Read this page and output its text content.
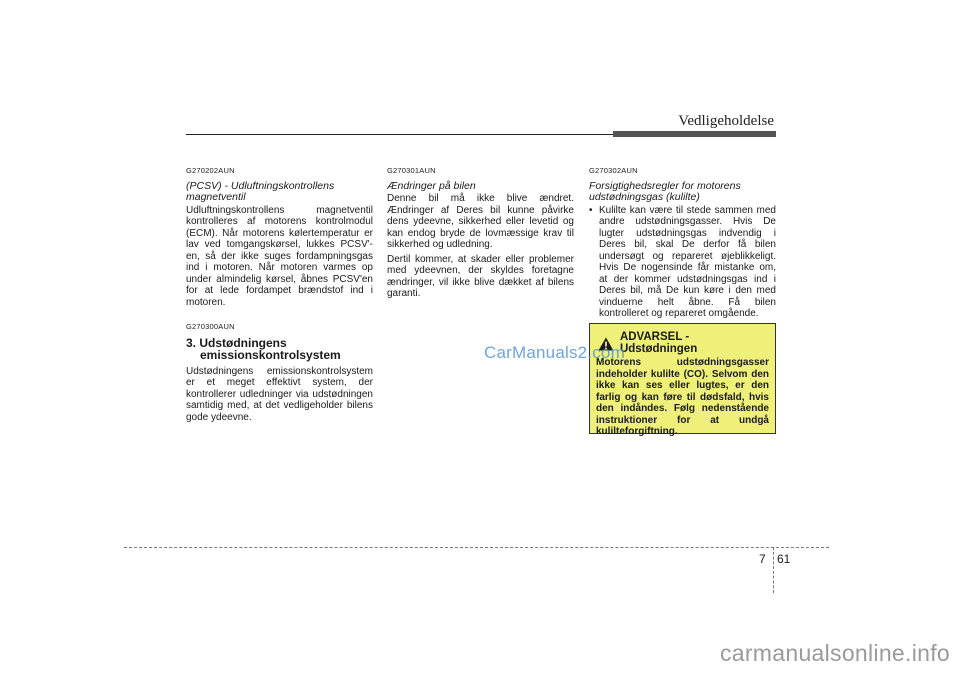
Vedligeholdelse
G270202AUN
(PCSV) - Udluftningskontrollens magnetventil
Udluftningskontrollens magnetventil kontrolleres af motorens kontrolmodul (ECM). Når motorens kølertemperatur er lav ved tomgangskørsel, lukkes PCSV'-en, så der ikke suges fordampningsgas ind i motoren. Når motoren varmes op under almindelig kørsel, åbnes PCSV'en for at lede fordampet brændstof ind i motoren.
G270300AUN
3. Udstødningens
emissionskontrolsystem
Udstødningens emissionskontrolsystem er et meget effektivt system, der kontrollerer udledninger via udstødningen samtidig med, at det vedligeholder bilens gode ydeevne.
G270301AUN
Ændringer på bilen
Denne bil må ikke blive ændret. Ændringer af Deres bil kunne påvirke dens ydeevne, sikkerhed eller levetid og kan endog bryde de lovmæssige krav til sikkerhed og udledning.
Dertil kommer, at skader eller problemer med ydeevnen, der skyldes foretagne ændringer, vil ikke blive dækket af bilens garanti.
G270302AUN
Forsigtighedsregler for motorens udstødningsgas (kulilte)
• Kulilte kan være til stede sammen med andre udstødningsgasser. Hvis De lugter udstødningsgas indvendig i Deres bil, skal De derfor få bilen undersøgt og repareret øjeblikkeligt. Hvis De nogensinde får mistanke om, at der kommer udstødningsgas ind i Deres bil, må De kun køre i den med vinduerne helt åbne. Få bilen kontrolleret og repareret omgående.
ADVARSEL - Udstødningen
Motorens udstødningsgasser indeholder kulilte (CO). Selvom den ikke kan ses eller lugtes, er den farlig og kan føre til dødsfald, hvis den indåndes. Følg nedenstående instruktioner for at undgå kulilteforgiftning.
CarManuals2.com
7 61
carmanualsonline.info
